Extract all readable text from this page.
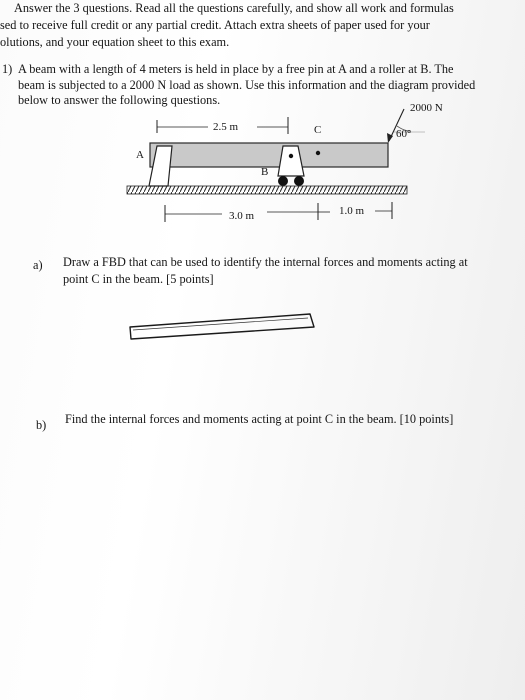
Answer the 3 questions. Read all the questions carefully, and show all work and formulas
sed to receive full credit or any partial credit. Attach extra sheets of paper used for your
olutions, and your equation sheet to this exam.
1) A beam with a length of 4 meters is held in place by a free pin at A and a roller at B. The
beam is subjected to a 2000 N load as shown. Use this information and the diagram provided
below to answer the following questions.
2000 N
60°
2.5 m	C
A
B
3.0 m	1.0 m
a) Draw a FBD that can be used to identify the internal forces and moments acting at
point C in the beam. [5 points]
b) Find the internal forces and moments acting at point C in the beam. [10 points]
